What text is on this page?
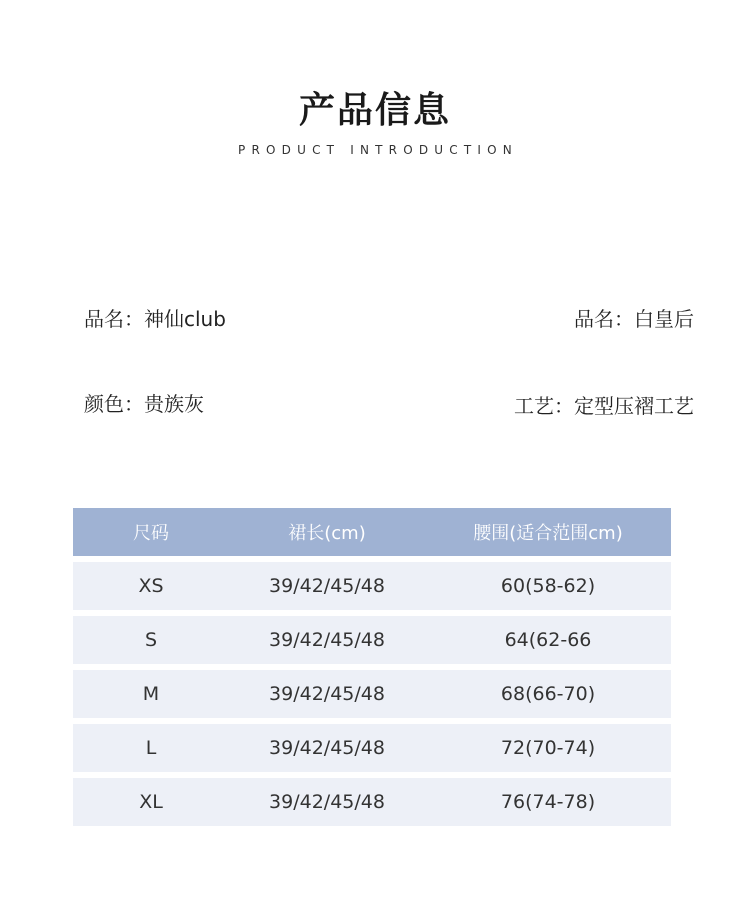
产品信息
PRODUCT INTRODUCTION
品名：神仙club	品名：白皇后
颜色：贵族灰	工艺：定型压褶工艺
尺码	裙长(cm)	腰围(适合范围cm)
XS	39/42/45/48	60(58-62)
S	39/42/45/48	64(62-66
M	39/42/45/48	68(66-70)
L	39/42/45/48	72(70-74)
XL	39/42/45/48	76(74-78)
